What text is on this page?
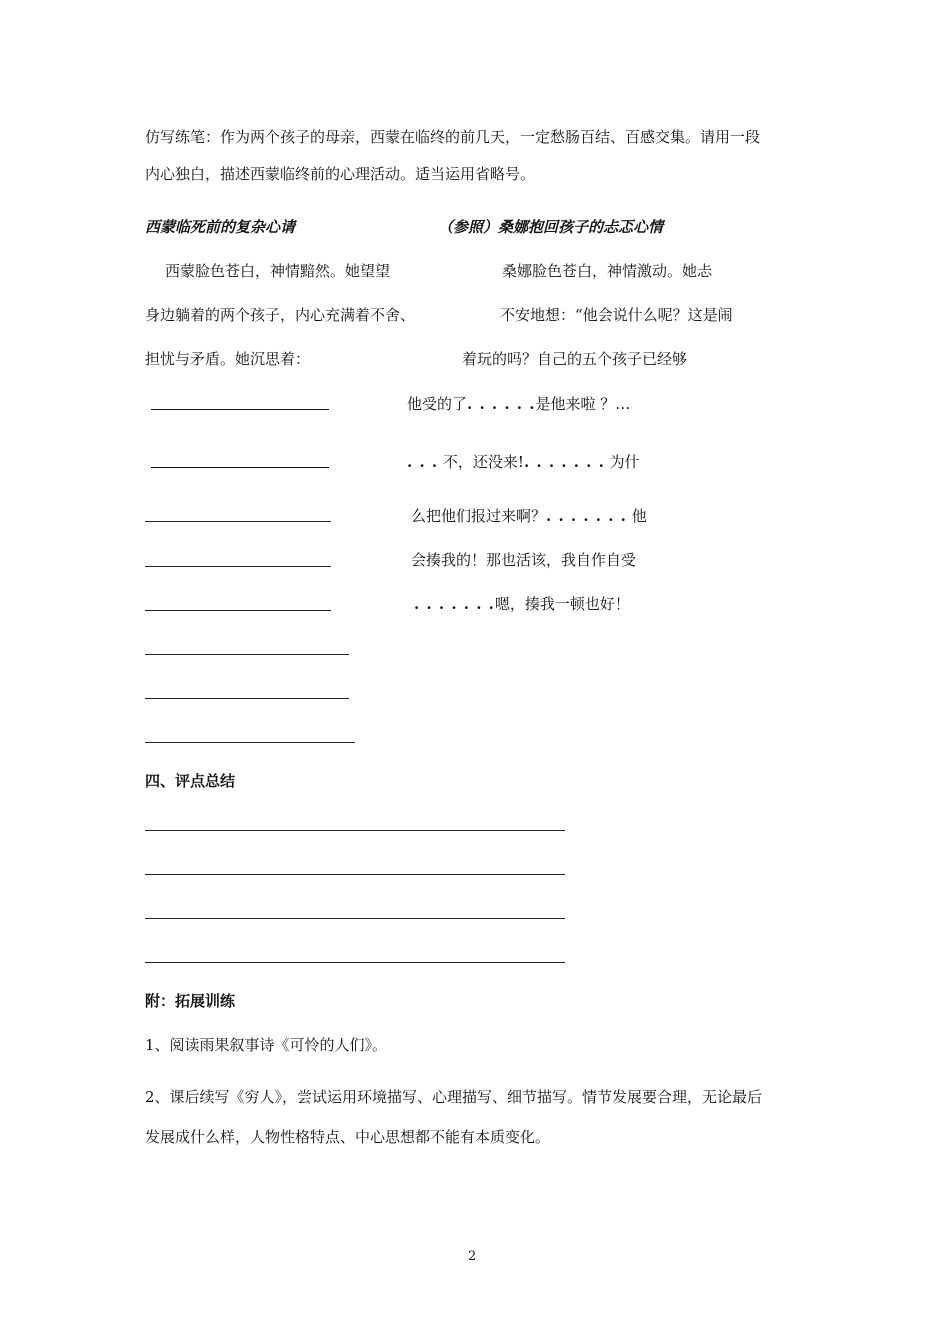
仿写练笔：作为两个孩子的母亲，西蒙在临终的前几天，一定愁肠百结、百感交集。请用一段
内心独白，描述西蒙临终前的心理活动。适当运用省略号。
西蒙临死前的复杂心请	（参照）桑娜抱回孩子的忐忑心情
西蒙脸色苍白，神情黯然。她望望
身边躺着的两个孩子，内心充满着不舍、
担忧与矛盾。她沉思着：
桑娜脸色苍白，神情激动。她忐
不安地想：“他会说什么呢？这是闹
着玩的吗？自己的五个孩子已经够
他受的了. . . . . .是他来啦 ？…
. . . 不，还没来!. . . . . . . 为什
么把他们报过来啊？. . . . . . . 他
会揍我的！那也活该，我自作自受
. . . . . . .嗯，揍我一顿也好！
四、评点总结
附：拓展训练
1、阅读雨果叙事诗《可怜的人们》。
2、课后续写《穷人》，尝试运用环境描写、心理描写、细节描写。情节发展要合理，无论最后
发展成什么样，人物性格特点、中心思想都不能有本质变化。
2
